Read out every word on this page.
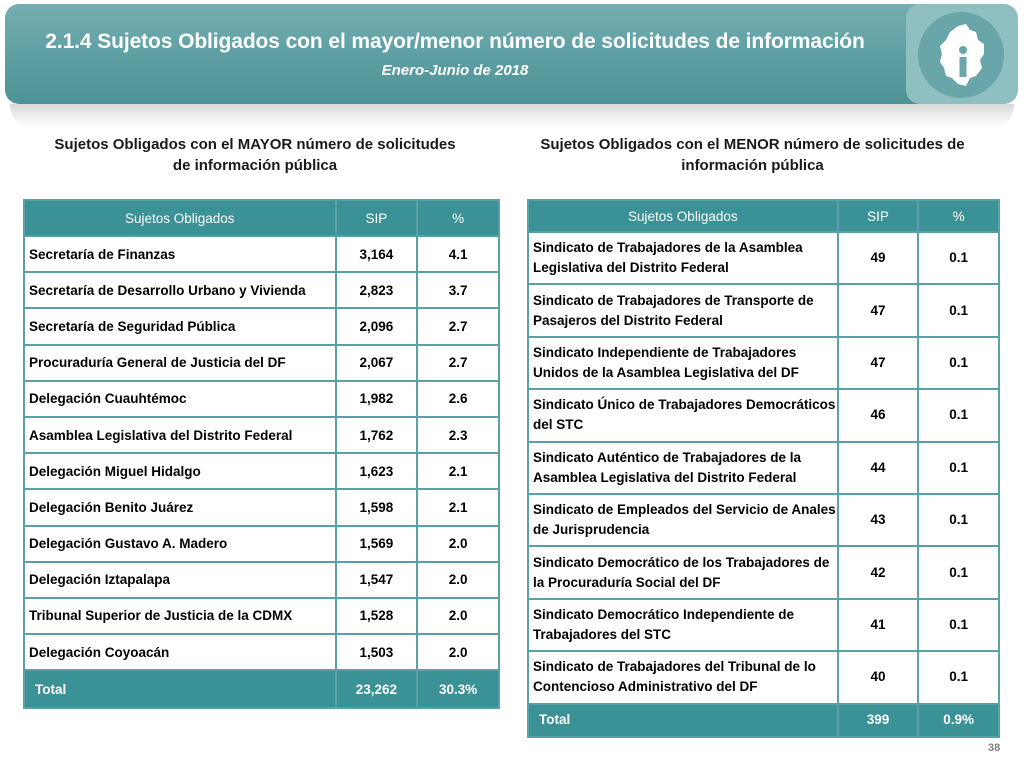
2.1.4 Sujetos Obligados con el mayor/menor número de solicitudes de información
Enero-Junio de 2018
Sujetos Obligados con el MAYOR número de solicitudes de información pública
Sujetos Obligados con el MENOR número de solicitudes de información pública
Sujetos Obligados	SIP	%
Secretaría de Finanzas	3,164	4.1
Secretaría de Desarrollo Urbano y Vivienda	2,823	3.7
Secretaría de Seguridad Pública	2,096	2.7
Procuraduría General de Justicia del DF	2,067	2.7
Delegación Cuauhtémoc	1,982	2.6
Asamblea Legislativa del Distrito Federal	1,762	2.3
Delegación Miguel Hidalgo	1,623	2.1
Delegación Benito Juárez	1,598	2.1
Delegación Gustavo A. Madero	1,569	2.0
Delegación Iztapalapa	1,547	2.0
Tribunal Superior de Justicia de la CDMX	1,528	2.0
Delegación Coyoacán	1,503	2.0
Total	23,262	30.3%
Sujetos Obligados	SIP	%
Sindicato de Trabajadores de la Asamblea Legislativa del Distrito Federal	49	0.1
Sindicato de Trabajadores de Transporte de Pasajeros del Distrito Federal	47	0.1
Sindicato Independiente de Trabajadores Unidos de la Asamblea Legislativa del DF	47	0.1
Sindicato Único de Trabajadores Democráticos del STC	46	0.1
Sindicato Auténtico de Trabajadores de la Asamblea Legislativa del Distrito Federal	44	0.1
Sindicato de Empleados del Servicio de Anales de Jurisprudencia	43	0.1
Sindicato Democrático de los Trabajadores de la Procuraduría Social del DF	42	0.1
Sindicato Democrático Independiente de Trabajadores del STC	41	0.1
Sindicato de Trabajadores del Tribunal de lo Contencioso Administrativo del DF	40	0.1
Total	399	0.9%
38
